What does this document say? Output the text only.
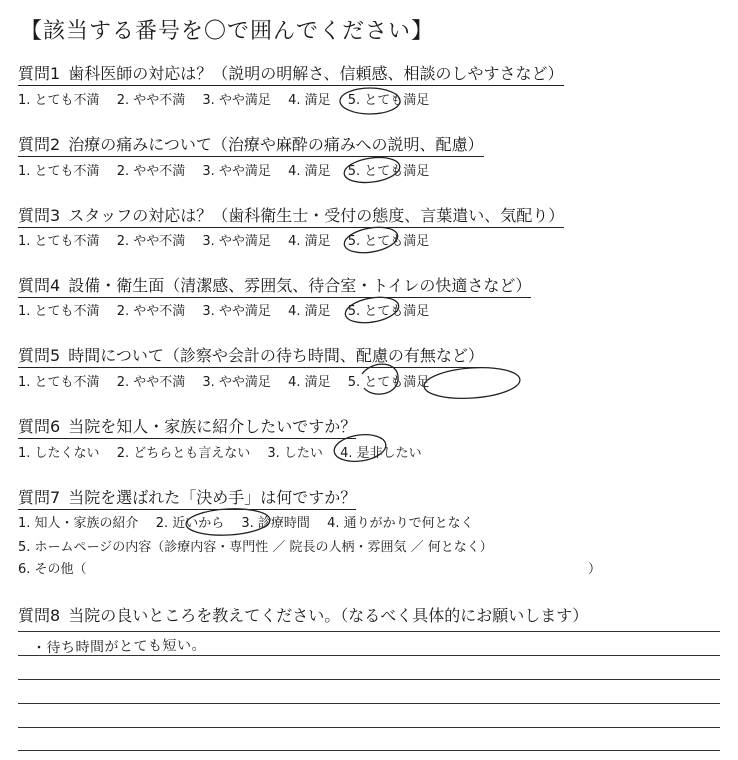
【該当する番号を〇で囲んでください】
質問1 歯科医師の対応は？（説明の明解さ、信頼感、相談のしやすさなど）
1. とても不満 2. やや不満 3. やや満足 4. 満足 5. とても満足
質問2 治療の痛みについて（治療や麻酔の痛みへの説明、配慮）
1. とても不満 2. やや不満 3. やや満足 4. 満足 5. とても満足
質問3 スタッフの対応は？（歯科衛生士・受付の態度、言葉遣い、気配り）
1. とても不満 2. やや不満 3. やや満足 4. 満足 5. とても満足
質問4 設備・衛生面（清潔感、雰囲気、待合室・トイレの快適さなど）
1. とても不満 2. やや不満 3. やや満足 4. 満足 5. とても満足
質問5 時間について（診察や会計の待ち時間、配慮の有無など）
1. とても不満 2. やや不満 3. やや満足 4. 満足 5. とても満足
質問6 当院を知人・家族に紹介したいですか？
1. したくない 2. どちらとも言えない 3. したい 4. 是非したい
質問7 当院を選ばれた「決め手」は何ですか？
1. 知人・家族の紹介 2. 近いから 3. 診療時間 4. 通りがかりで何となく
5. ホームページの内容（診療内容・専門性 ／ 院長の人柄・雰囲気 ／ 何となく）
6. その他（	）
質問8 当院の良いところを教えてください。（なるべく具体的にお願いします）
・待ち時間がとても短い。
